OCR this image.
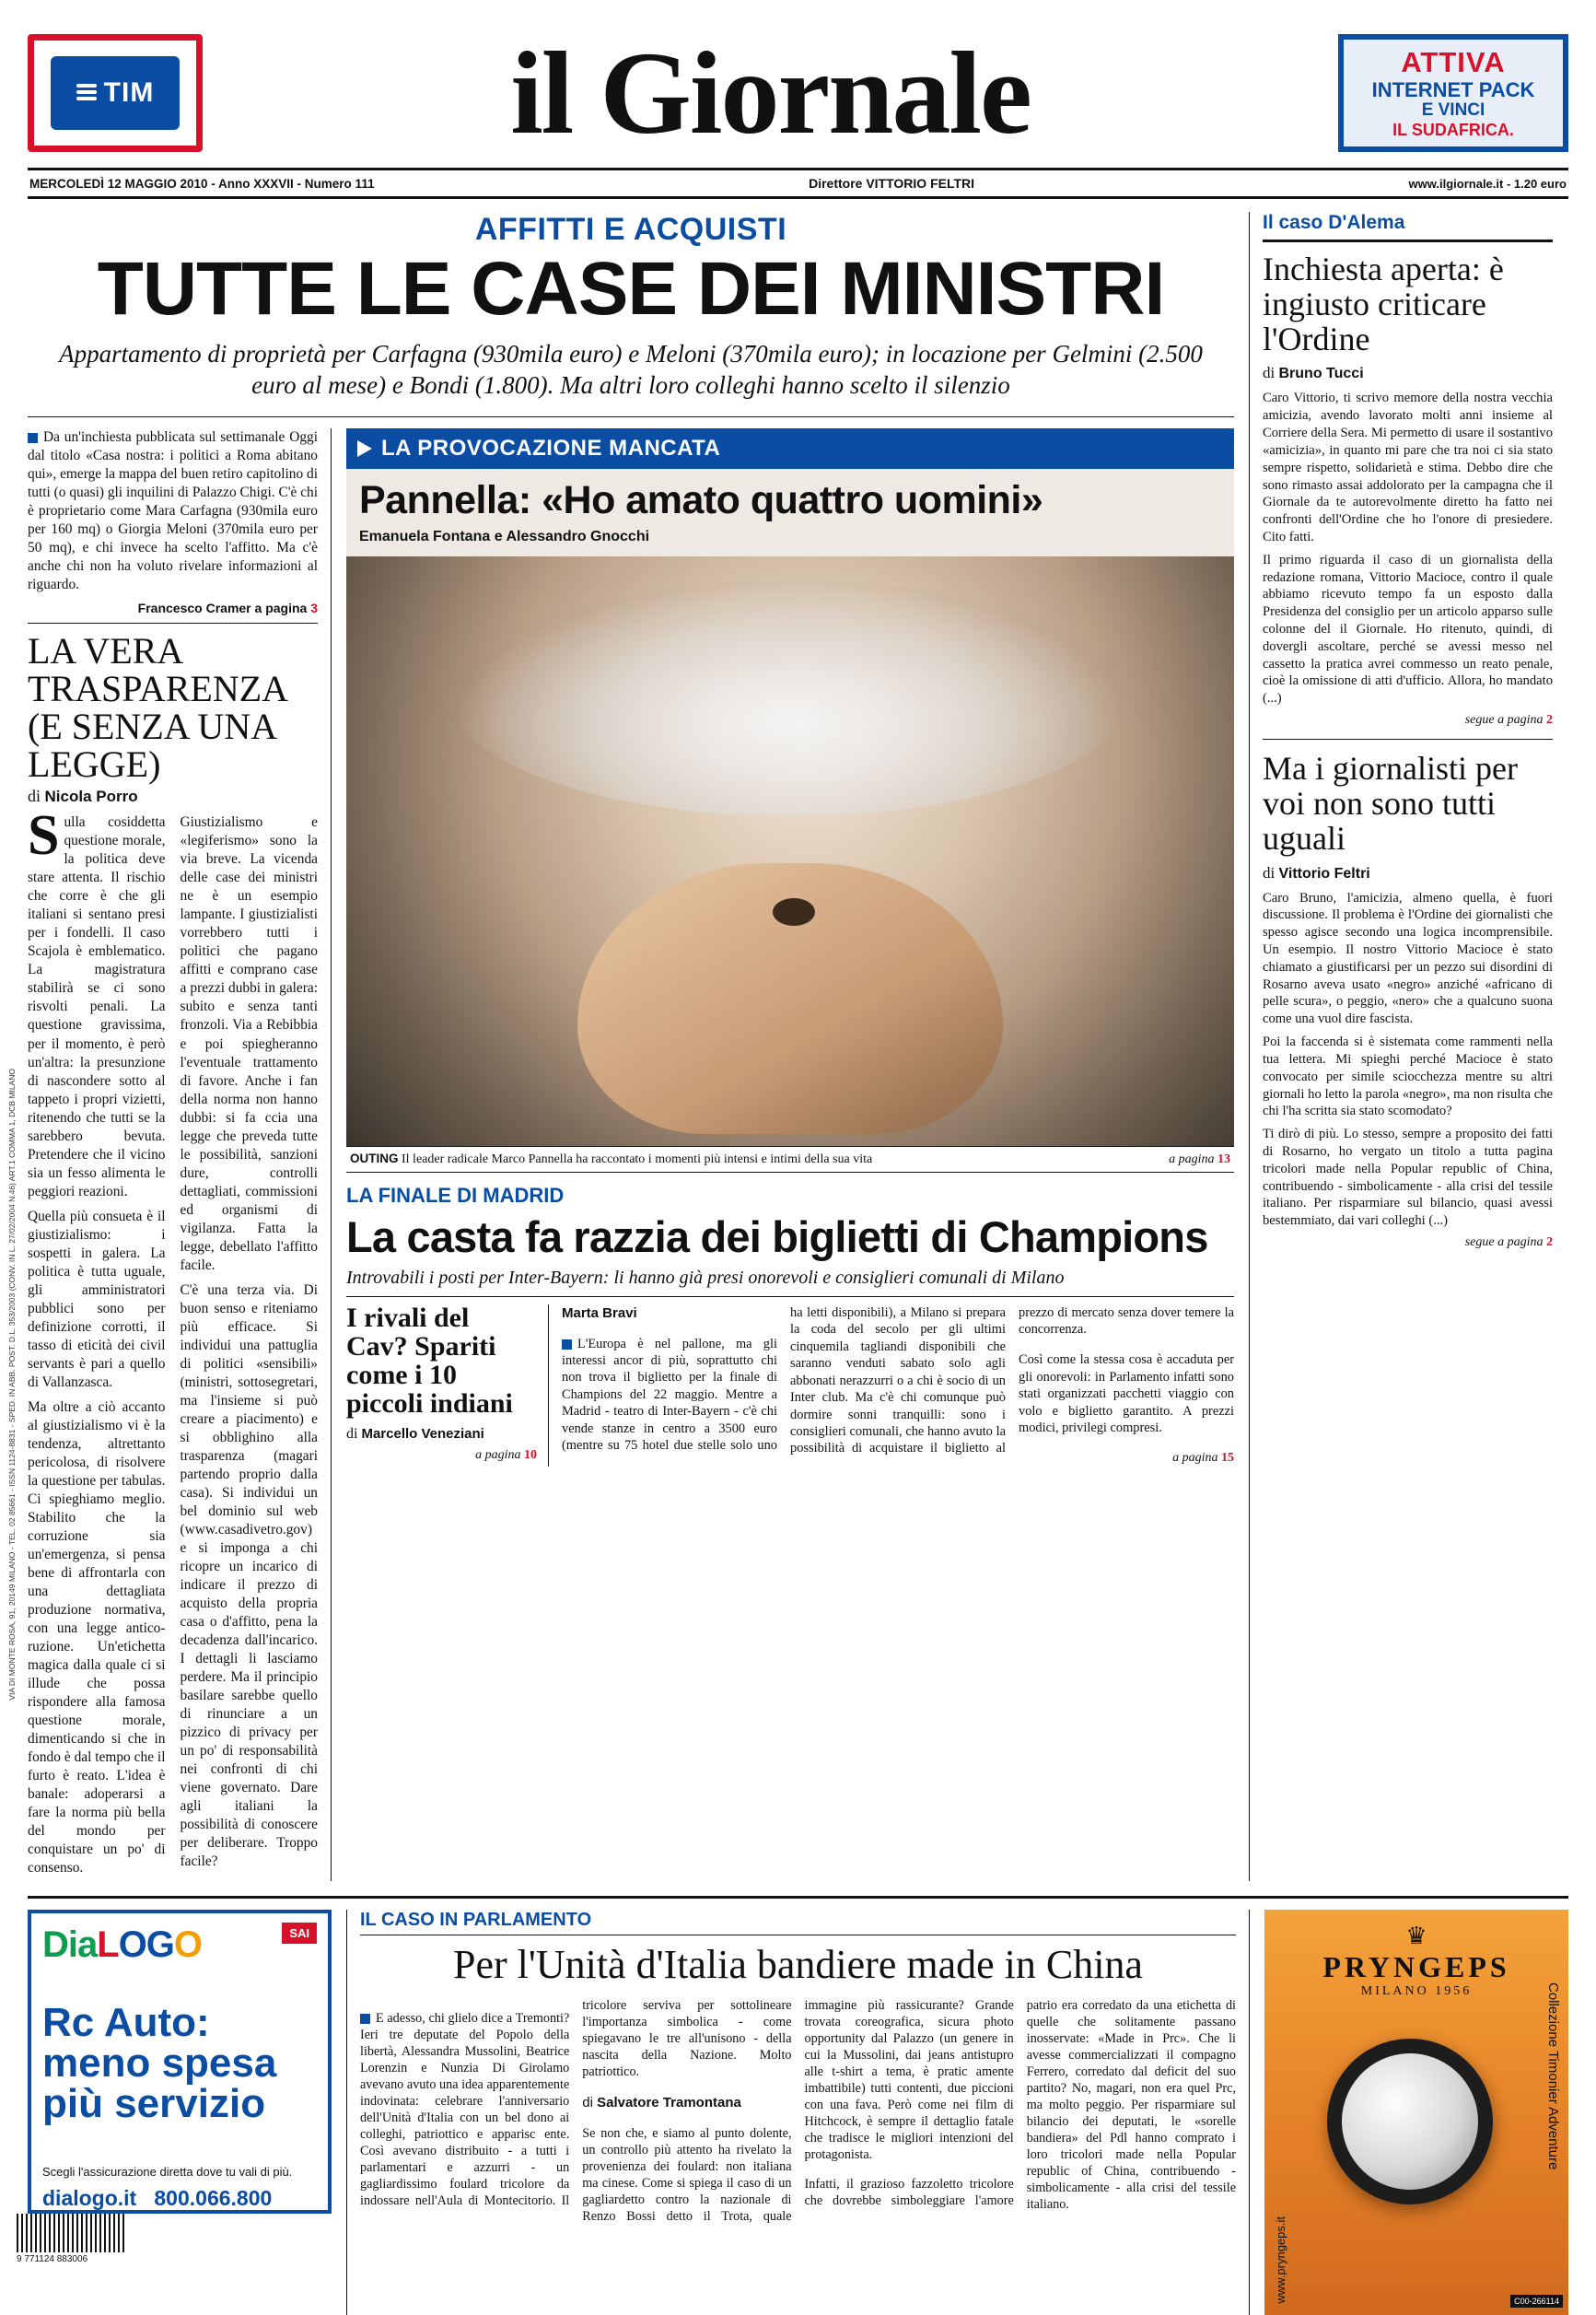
TIM	il Giornale	ATTIVA
INTERNET PACK
E VINCI
IL SUDAFRICA.
MERCOLEDÌ 12 MAGGIO 2010 - Anno XXXVII - Numero 111	Direttore VITTORIO FELTRI	www.ilgiornale.it - 1.20 euro
AFFITTI E ACQUISTI
TUTTE LE CASE DEI MINISTRI
Appartamento di proprietà per Carfagna (930mila euro) e Meloni (370mila euro); in locazione per Gelmini (2.500 euro al mese) e Bondi (1.800). Ma altri loro colleghi hanno scelto il silenzio

Da un'inchiesta pubblicata sul settimanale Oggi dal titolo «Casa nostra: i politici a Roma abitano qui», emerge la mappa del buen retiro capitolino di tutti (o quasi) gli inquilini di Palazzo Chigi. C'è chi è proprietario come Mara Carfagna (930mila euro per 160 mq) o Giorgia Meloni (370mila euro per 50 mq), e chi invece ha scelto l'affitto. Ma c'è anche chi non ha voluto rivelare informazioni al riguardo.

Francesco Cramer a pagina 3
LA VERA TRASPARENZA (E SENZA UNA LEGGE)
di Nicola Porro

Sulla cosiddetta questione morale, la politica deve stare attenta. Il rischio che corre è che gli italiani si sentano presi per i fondelli. Il caso Scajola è emblematico. La magistratura stabilirà se ci sono risvolti penali. La questione gravissima, per il momento, è però un'altra: la presunzione di nascondere sotto al tappeto i propri vizietti, ritenendo che tutti se la sarebbero bevuta. Pretendere che il vicino sia un fesso alimenta le peggiori reazioni.

Quella più consueta è il giustizialismo: i sospetti in galera. La politica è tutta uguale, gli amministratori pubblici sono per definizione corrotti, il tasso di eticità dei civil servants è pari a quello di Vallanzasca.

Ma oltre a ciò accanto al giustizialismo vi è la tendenza, altrettanto pericolosa, di risolvere la questione per tabulas. Ci spieghiamo meglio. Stabilito che la corruzione sia un'emergenza, si pensa bene di affrontarla con una dettagliata produzione normativa, con una legge antico-ruzione. Un'etichetta magica dalla quale ci si illude che possa rispondere alla famosa questione morale, dimenticando si che in fondo è dal tempo che il furto è reato. L'idea è banale: adoperarsi a fare la norma più bella del mondo per conquistare un po' di consenso.

Giustizialismo e «legiferismo» sono la via breve. La vicenda delle case dei ministri ne è un esempio lampante. I giustizialisti vorrebbero tutti i politici che pagano affitti e comprano case a prezzi dubbi in galera: subito e senza tanti fronzoli. Via a Rebibbia e poi spiegheranno l'eventuale trattamento di favore. Anche i fan della norma non hanno dubbi: si fa ccia una legge che preveda tutte le possibilità, sanzioni dure, controlli dettagliati, commissioni ed organismi di vigilanza. Fatta la legge, debellato l'affitto facile.

C'è una terza via. Di buon senso e riteniamo più efficace. Si individui una pattuglia di politici «sensibili» (ministri, sottosegretari, ma l'insieme si può creare a piacimento) e si obblighino alla trasparenza (magari partendo proprio dalla casa). Si individui un bel dominio sul web (www.casadivetro.gov) e si imponga a chi ricopre un incarico di indicare il prezzo di acquisto della propria casa o d'affitto, pena la decadenza dall'incarico. I dettagli li lasciamo perdere. Ma il principio basilare sarebbe quello di rinunciare a un pizzico di privacy per un po' di responsabilità nei confronti di chi viene governato. Dare agli italiani la possibilità di conoscere per deliberare. Troppo facile?

LA PROVOCAZIONE MANCATA
Pannella: «Ho amato quattro uomini»
Emanuela Fontana e Alessandro Gnocchi
OUTING Il leader radicale Marco Pannella ha raccontato i momenti più intensi e intimi della sua vita	a pagina 13
LA FINALE DI MADRID
La casta fa razzia dei biglietti di Champions
Introvabili i posti per Inter-Bayern: li hanno già presi onorevoli e consiglieri comunali di Milano
I rivali del Cav? Spariti come i 10 piccoli indiani
di Marcello Veneziani
a pagina 10
Marta Bravi

L'Europa è nel pallone, ma gli interessi ancor di più, soprattutto chi non trova il biglietto per la finale di Champions del 22 maggio. Mentre a Madrid - teatro di Inter-Bayern - c'è chi vende stanze in centro a 3500 euro (mentre su 75 hotel due stelle solo uno ha letti disponibili), a Milano si prepara la coda del secolo per gli ultimi cinquemila tagliandi disponibili che saranno venduti sabato solo agli abbonati nerazzurri o a chi è socio di un Inter club. Ma c'è chi comunque può dormire sonni tranquilli: sono i consiglieri comunali, che hanno avuto la possibilità di acquistare il biglietto al prezzo di mercato senza dover temere la concorrenza.

Così come la stessa cosa è accaduta per gli onorevoli: in Parlamento infatti sono stati organizzati pacchetti viaggio con volo e biglietto garantito. A prezzi modici, privilegi compresi.

a pagina 15
Il caso D'Alema
Inchiesta aperta: è ingiusto criticare l'Ordine
di Bruno Tucci

Caro Vittorio, ti scrivo memore della nostra vecchia amicizia, avendo lavorato molti anni insieme al Corriere della Sera. Mi permetto di usare il sostantivo «amicizia», in quanto mi pare che tra noi ci sia stato sempre rispetto, solidarietà e stima. Debbo dire che sono rimasto assai addolorato per la campagna che il Giornale da te autorevolmente diretto ha fatto nei confronti dell'Ordine che ho l'onore di presiedere. Cito fatti.

Il primo riguarda il caso di un giornalista della redazione romana, Vittorio Macioce, contro il quale abbiamo ricevuto tempo fa un esposto dalla Presidenza del consiglio per un articolo apparso sulle colonne del il Giornale. Ho ritenuto, quindi, di dovergli ascoltare, perché se avessi messo nel cassetto la pratica avrei commesso un reato penale, cioè la omissione di atti d'ufficio. Allora, ho mandato (...)

segue a pagina 2
Ma i giornalisti per voi non sono tutti uguali
di Vittorio Feltri

Caro Bruno, l'amicizia, almeno quella, è fuori discussione. Il problema è l'Ordine dei giornalisti che spesso agisce secondo una logica incomprensibile. Un esempio. Il nostro Vittorio Macioce è stato chiamato a giustificarsi per un pezzo sui disordini di Rosarno aveva usato «negro» anziché «africano di pelle scura», o peggio, «nero» che a qualcuno suona come una vuol dire fascista.

Poi la faccenda si è sistemata come rammenti nella tua lettera. Mi spieghi perché Macioce è stato convocato per simile sciocchezza mentre su altri giornali ho letto la parola «negro», ma non risulta che chi l'ha scritta sia stato scomodato?

Ti dirò di più. Lo stesso, sempre a proposito dei fatti di Rosarno, ho vergato un titolo a tutta pagina tricolori made nella Popular republic of China, contribuendo - simbolicamente - alla crisi del tessile italiano. Per risparmiare sul bilancio, quasi avessi bestemmiato, dai vari colleghi (...)

segue a pagina 2
SAI
DiaLOGO
Rc Auto:
meno spesa
più servizio
Scegli l'assicurazione diretta dove tu vali di più.
dialogo.it 800.066.800
9 771124 883006
IL CASO IN PARLAMENTO
Per l'Unità d'Italia bandiere made in China

E adesso, chi glielo dice a Tremonti? Ieri tre deputate del Popolo della libertà, Alessandra Mussolini, Beatrice Lorenzin e Nunzia Di Girolamo avevano avuto una idea apparentemente indovinata: celebrare l'anniversario dell'Unità d'Italia con un bel dono ai colleghi, patriottico e apparisc ente. Così avevano distribuito - a tutti i parlamentari e azzurri - un gagliardissimo foulard tricolore da indossare nell'Aula di Montecitorio. Il tricolore serviva per sottolineare l'importanza simbolica - come spiegavano le tre all'unisono - della nascita della Nazione. Molto patriottico.

di Salvatore Tramontana

Se non che, e siamo al punto dolente, un controllo più attento ha rivelato la provenienza dei foulard: non italiana ma cinese. Come si spiega il caso di un gagliardetto contro la nazionale di Renzo Bossi detto il Trota, quale immagine più rassicurante? Grande trovata coreografica, sicura photo opportunity dal Palazzo (un genere in cui la Mussolini, dai jeans antistupro alle t-shirt a tema, è pratic amente imbattibile) tutti contenti, due piccioni con una fava. Però come nei film di Hitchcock, è sempre il dettaglio fatale che tradisce le migliori intenzioni del protagonista.

Infatti, il grazioso fazzoletto tricolore che dovrebbe simboleggiare l'amore patrio era corredato da una etichetta di quelle che solitamente passano inosservate: «Made in Prc». Che li avesse commercializzati il compagno Ferrero, corredato dal deficit del suo partito? No, magari, non era quel Prc, ma molto peggio. Per risparmiare sul bilancio dei deputati, le «sorelle bandiera» del Pdl hanno comprato i loro tricolori made nella Popular republic of China, contribuendo - simbolicamente - alla crisi del tessile italiano.

♛
PRYNGEPS
MILANO 1956	Collezione Timonier Adventure
www.pryngeps.it	C00-266114
VIA DI MONTE ROSA, 91, 20149 MILANO - TEL. 02 85661 - ISSN 1124-8831 - SPED. IN ABB. POST. D.L. 353/2003 (CONV. IN L. 27/02/2004 N.46) ART.1 COMMA 1, DCB MILANO
